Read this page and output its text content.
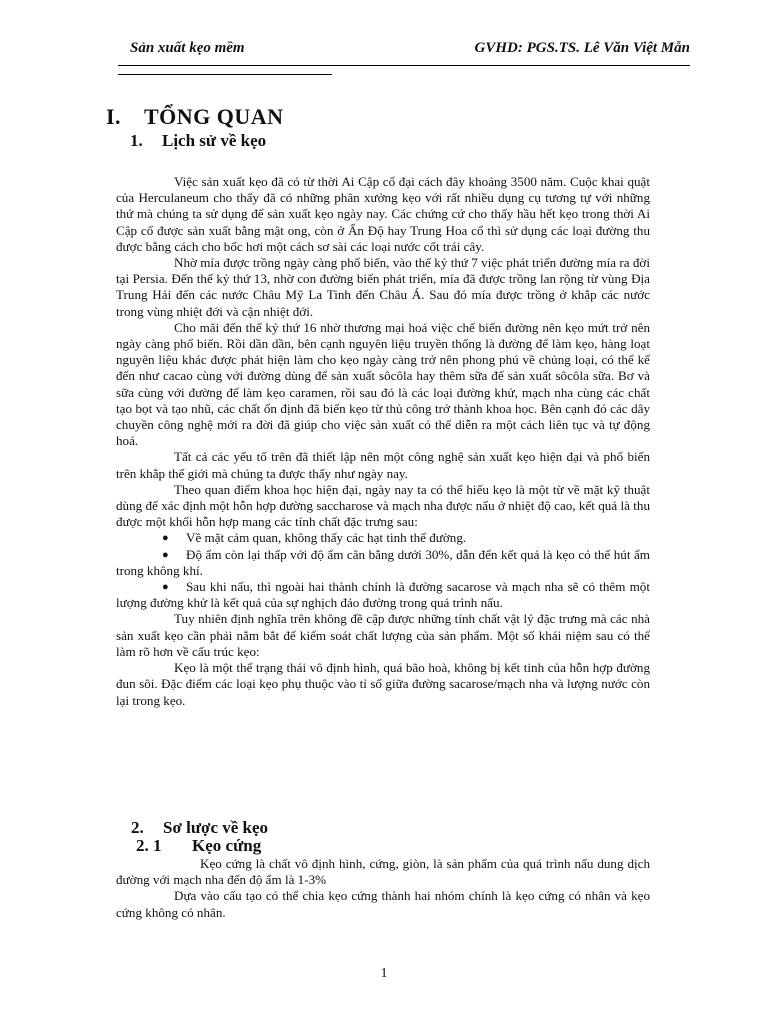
Sản xuất kẹo mềm	GVHD: PGS.TS. Lê Văn Việt Mẫn
I. TỔNG QUAN
1. Lịch sử về kẹo

Việc sản xuất kẹo đã có từ thời Ai Cập cổ đại cách đây khoảng 3500 năm. Cuộc khai quật của Herculaneum cho thấy đã có những phân xưởng kẹo với rất nhiều dụng cụ tương tự với những thứ mà chúng ta sử dụng để sản xuất kẹo ngày nay. Các chứng cứ cho thấy hầu hết kẹo trong thời Ai Cập cổ được sản xuất bằng mật ong, còn ở Ấn Độ hay Trung Hoa cổ thì sử dụng các loại đường thu được bằng cách cho bốc hơi một cách sơ sài các loại nước cốt trái cây.

Nhờ mía được trồng ngày càng phổ biến, vào thế kỷ thứ 7 việc phát triển đường mía ra đời tại Persia. Đến thế kỷ thứ 13, nhờ con đường biển phát triển, mía đã được trồng lan rộng từ vùng Địa Trung Hải đến các nước Châu Mỹ La Tinh đến Châu Á. Sau đó mía được trồng ở khắp các nước trong vùng nhiệt đới và cận nhiệt đới.

Cho mãi đến thế kỷ thứ 16 nhờ thương mại hoá việc chế biến đường nên kẹo mứt trở nên ngày càng phổ biến. Rồi dần dần, bên cạnh nguyên liệu truyền thống là đường để làm kẹo, hàng loạt nguyên liệu khác được phát hiện làm cho kẹo ngày càng trở nên phong phú về chủng loại, có thể kể đến như cacao cùng với đường dùng để sản xuất sôcôla hay thêm sữa để sản xuất sôcôla sữa. Bơ và sữa cùng với đường để làm kẹo caramen, rồi sau đó là các loại đường khử, mạch nha cùng các chất tạo bọt và tạo nhũ, các chất ổn định đã biến kẹo từ thủ công trở thành khoa học. Bên cạnh đó các dây chuyền công nghệ mới ra đời đã giúp cho việc sản xuất có thể diễn ra một cách liên tục và tự động hoá.

Tất cả các yếu tố trên đã thiết lập nên một công nghệ sản xuất kẹo hiện đại và phổ biến trên khắp thế giới mà chúng ta được thấy như ngày nay.

Theo quan điểm khoa học hiện đại, ngày nay ta có thể hiểu kẹo là một từ về mặt kỹ thuật dùng để xác định một hỗn hợp đường saccharose và mạch nha được nấu ở nhiệt độ cao, kết quả là thu được một khối hỗn hợp mang các tính chất đặc trưng sau:

● Về mặt cảm quan, không thấy các hạt tinh thể đường.
● Độ ẩm còn lại thấp với độ ẩm cân bằng dưới 30%, dẫn đến kết quả là kẹo có thể hút ẩm trong không khí.
● Sau khi nấu, thì ngoài hai thành chính là đường sacarose và mạch nha sẽ có thêm một lượng đường khử là kết quả của sự nghịch đảo đường trong quá trình nấu.

Tuy nhiên định nghĩa trên không đề cập được những tính chất vật lý đặc trưng mà các nhà sản xuất kẹo cần phải nắm bắt để kiểm soát chất lượng của sản phẩm. Một số khái niệm sau có thể làm rõ hơn về cấu trúc kẹo:

Kẹo là một thể trạng thái vô định hình, quá bão hoà, không bị kết tinh của hỗn hợp đường đun sôi. Đặc điểm các loại kẹo phụ thuộc vào tỉ số giữa đường sacarose/mạch nha và lượng nước còn lại trong kẹo.

2. Sơ lược về kẹo
2. 1 Kẹo cứng

Kẹo cứng là chất vô định hình, cứng, giòn, là sản phẩm của quá trình nấu dung dịch đường với mạch nha đến độ ẩm là 1-3%

Dựa vào cấu tạo có thể chia kẹo cứng thành hai nhóm chính là kẹo cứng có nhân và kẹo cứng không có nhân.

1
